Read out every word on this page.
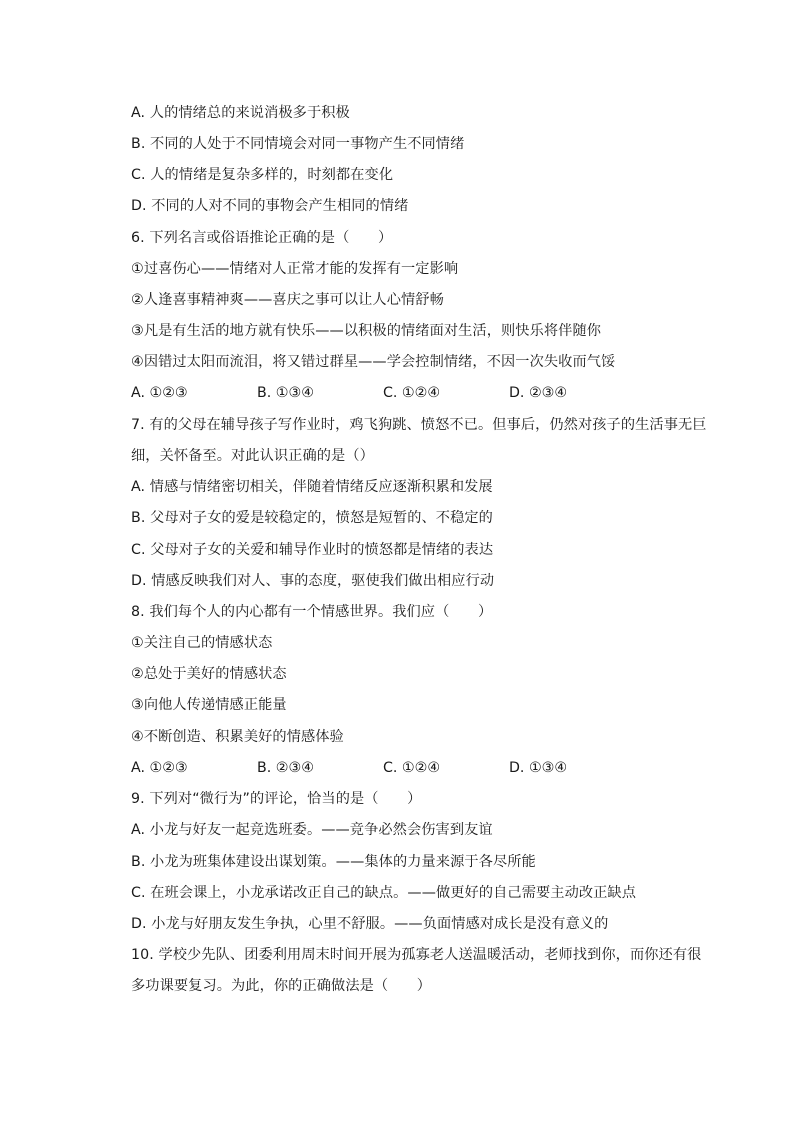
A. 人的情绪总的来说消极多于积极
B. 不同的人处于不同情境会对同一事物产生不同情绪
C. 人的情绪是复杂多样的，时刻都在变化
D. 不同的人对不同的事物会产生相同的情绪
6. 下列名言或俗语推论正确的是（　　）
①过喜伤心——情绪对人正常才能的发挥有一定影响
②人逢喜事精神爽——喜庆之事可以让人心情舒畅
③凡是有生活的地方就有快乐——以积极的情绪面对生活，则快乐将伴随你
④因错过太阳而流泪，将又错过群星——学会控制情绪，不因一次失收而气馁
7. 有的父母在辅导孩子写作业时，鸡飞狗跳、愤怒不已。但事后，仍然对孩子的生活事无巨
细，关怀备至。对此认识正确的是（）
A. 情感与情绪密切相关，伴随着情绪反应逐渐积累和发展
B. 父母对子女的爱是较稳定的，愤怒是短暂的、不稳定的
C. 父母对子女的关爱和辅导作业时的愤怒都是情绪的表达
D. 情感反映我们对人、事的态度，驱使我们做出相应行动
8. 我们每个人的内心都有一个情感世界。我们应（　　）
①关注自己的情感状态
②总处于美好的情感状态
③向他人传递情感正能量
④不断创造、积累美好的情感体验
9. 下列对“微行为”的评论，恰当的是（　　）
A. 小龙与好友一起竞选班委。——竞争必然会伤害到友谊
B. 小龙为班集体建设出谋划策。——集体的力量来源于各尽所能
C. 在班会课上，小龙承诺改正自己的缺点。——做更好的自己需要主动改正缺点
D. 小龙与好朋友发生争执，心里不舒服。——负面情感对成长是没有意义的
10. 学校少先队、团委利用周末时间开展为孤寡老人送温暖活动，老师找到你，而你还有很
多功课要复习。为此，你的正确做法是（　　）
A. ①②③	B. ①③④	C. ①②④	D. ②③④
A. ①②③	B. ②③④	C. ①②④	D. ①③④
